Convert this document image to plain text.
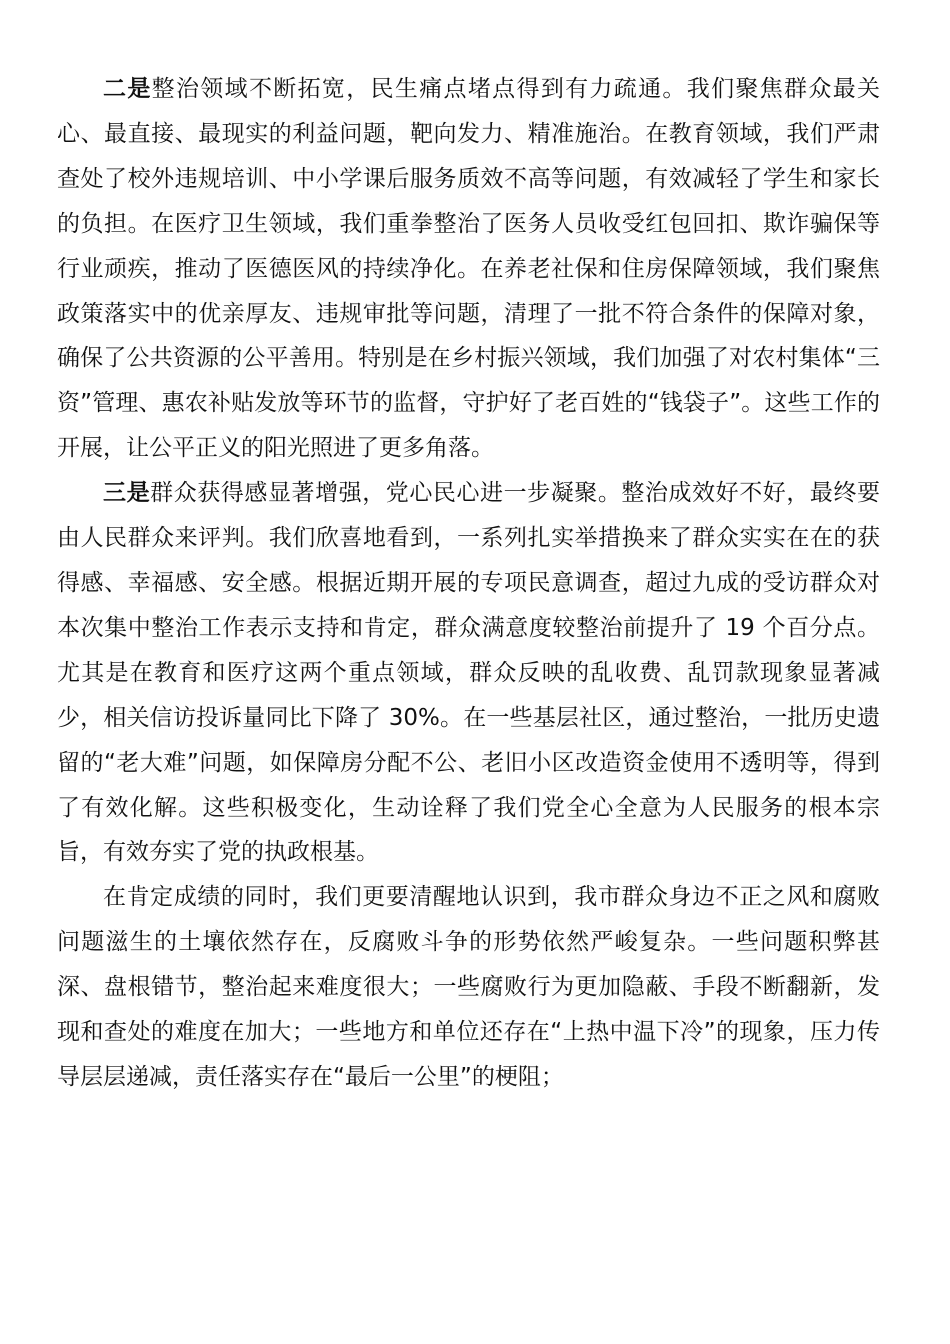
二是整治领域不断拓宽，民生痛点堵点得到有力疏通。我们聚焦群众最关心、最直接、最现实的利益问题，靶向发力、精准施治。在教育领域，我们严肃查处了校外违规培训、中小学课后服务质效不高等问题，有效减轻了学生和家长的负担。在医疗卫生领域，我们重拳整治了医务人员收受红包回扣、欺诈骗保等行业顽疾，推动了医德医风的持续净化。在养老社保和住房保障领域，我们聚焦政策落实中的优亲厚友、违规审批等问题，清理了一批不符合条件的保障对象，确保了公共资源的公平善用。特别是在乡村振兴领域，我们加强了对农村集体“三资”管理、惠农补贴发放等环节的监督，守护好了老百姓的“钱袋子”。这些工作的开展，让公平正义的阳光照进了更多角落。

三是群众获得感显著增强，党心民心进一步凝聚。整治成效好不好，最终要由人民群众来评判。我们欣喜地看到，一系列扎实举措换来了群众实实在在的获得感、幸福感、安全感。根据近期开展的专项民意调查，超过九成的受访群众对本次集中整治工作表示支持和肯定，群众满意度较整治前提升了 19 个百分点。尤其是在教育和医疗这两个重点领域，群众反映的乱收费、乱罚款现象显著减少，相关信访投诉量同比下降了 30%。在一些基层社区，通过整治，一批历史遗留的“老大难”问题，如保障房分配不公、老旧小区改造资金使用不透明等，得到了有效化解。这些积极变化，生动诠释了我们党全心全意为人民服务的根本宗旨，有效夯实了党的执政根基。

在肯定成绩的同时，我们更要清醒地认识到，我市群众身边不正之风和腐败问题滋生的土壤依然存在，反腐败斗争的形势依然严峻复杂。一些问题积弊甚深、盘根错节，整治起来难度很大；一些腐败行为更加隐蔽、手段不断翻新，发现和查处的难度在加大；一些地方和单位还存在“上热中温下冷”的现象，压力传导层层递减，责任落实存在“最后一公里”的梗阻；
